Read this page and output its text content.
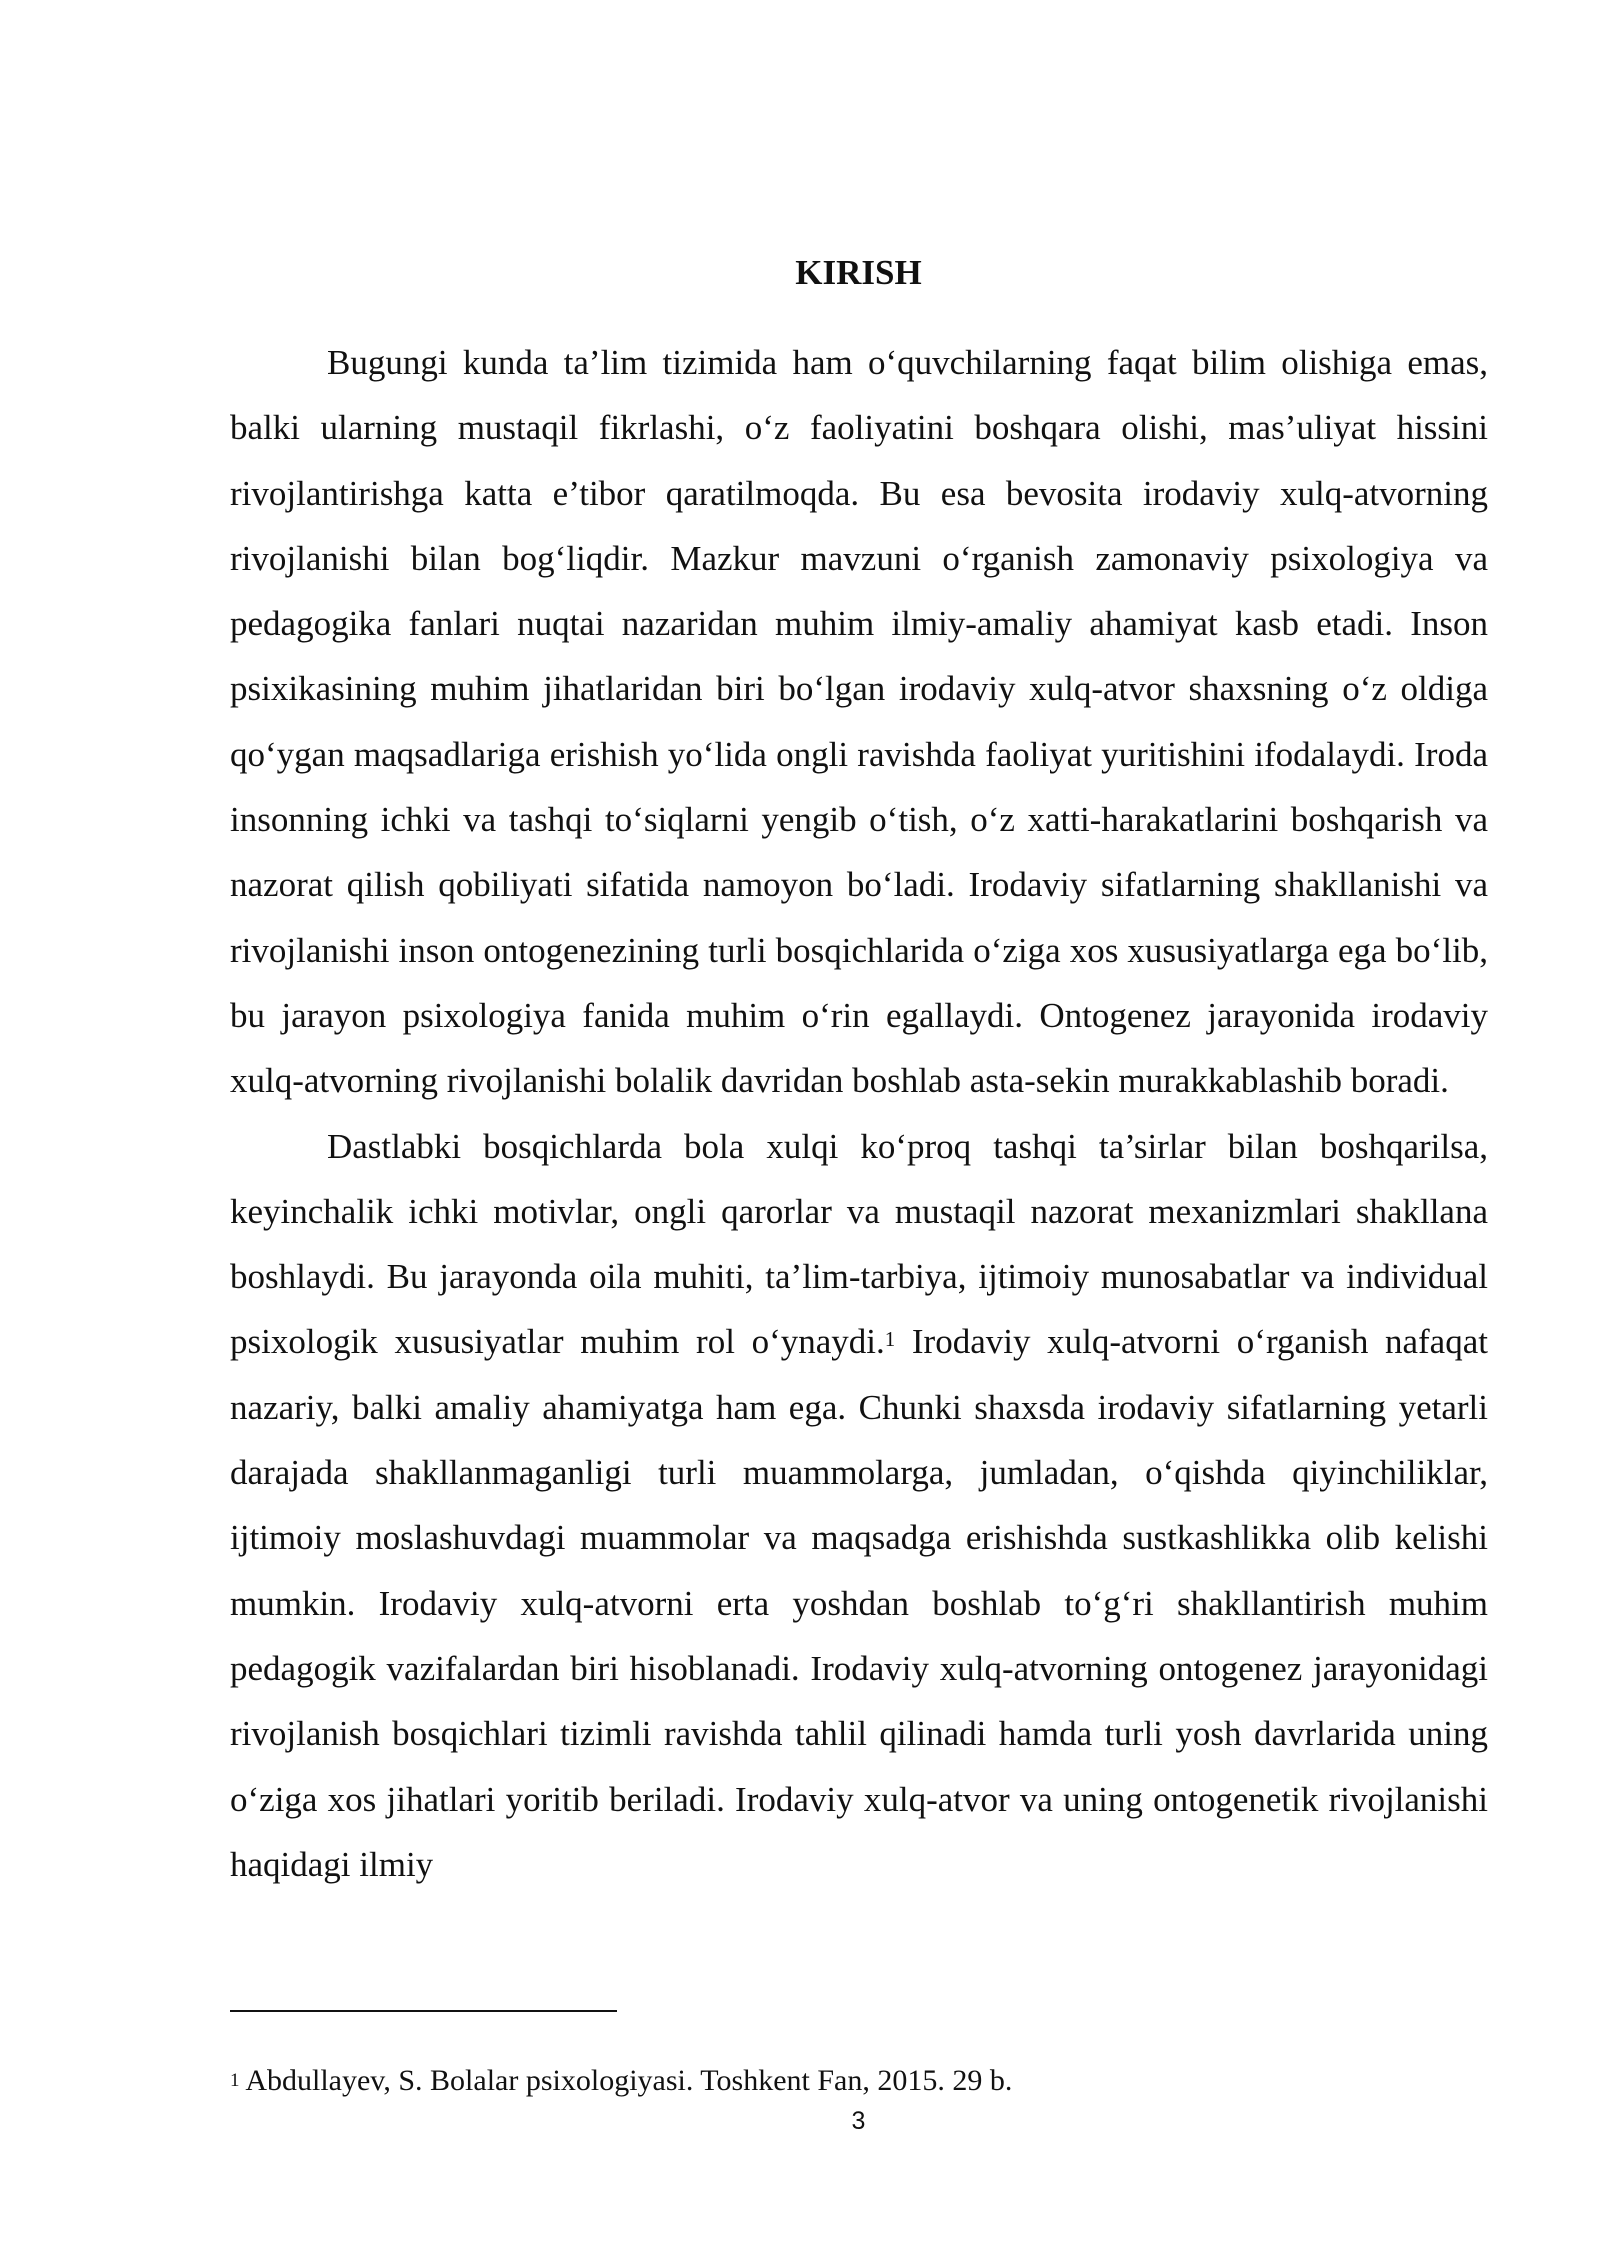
KIRISH

Bugungi kunda ta’lim tizimida ham o‘quvchilarning faqat bilim olishiga emas, balki ularning mustaqil fikrlashi, o‘z faoliyatini boshqara olishi, mas’uliyat hissini rivojlantirishga katta e’tibor qaratilmoqda. Bu esa bevosita irodaviy xulq-atvorning rivojlanishi bilan bog‘liqdir. Mazkur mavzuni o‘rganish zamonaviy psixologiya va pedagogika fanlari nuqtai nazaridan muhim ilmiy-amaliy ahamiyat kasb etadi. Inson psixikasining muhim jihatlaridan biri bo‘lgan irodaviy xulq-atvor shaxsning o‘z oldiga qo‘ygan maqsadlariga erishish yo‘lida ongli ravishda faoliyat yuritishini ifodalaydi. Iroda insonning ichki va tashqi to‘siqlarni yengib o‘tish, o‘z xatti-harakatlarini boshqarish va nazorat qilish qobiliyati sifatida namoyon bo‘ladi. Irodaviy sifatlarning shakllanishi va rivojlanishi inson ontogenezining turli bosqichlarida o‘ziga xos xususiyatlarga ega bo‘lib, bu jarayon psixologiya fanida muhim o‘rin egallaydi. Ontogenez jarayonida irodaviy xulq-atvorning rivojlanishi bolalik davridan boshlab asta-sekin murakkablashib boradi.

Dastlabki bosqichlarda bola xulqi ko‘proq tashqi ta’sirlar bilan boshqarilsa, keyinchalik ichki motivlar, ongli qarorlar va mustaqil nazorat mexanizmlari shakllana boshlaydi. Bu jarayonda oila muhiti, ta’lim-tarbiya, ijtimoiy munosabatlar va individual psixologik xususiyatlar muhim rol o‘ynaydi.$^1$ Irodaviy xulq-atvorni o‘rganish nafaqat nazariy, balki amaliy ahamiyatga ham ega. Chunki shaxsda irodaviy sifatlarning yetarli darajada shakllanmaganligi turli muammolarga, jumladan, o‘qishda qiyinchiliklar, ijtimoiy moslashuvdagi muammolar va maqsadga erishishda sustkashlikka olib kelishi mumkin. Irodaviy xulq-atvorni erta yoshdan boshlab to‘g‘ri shakllantirish muhim pedagogik vazifalardan biri hisoblanadi. Irodaviy xulq-atvorning ontogenez jarayonidagi rivojlanish bosqichlari tizimli ravishda tahlil qilinadi hamda turli yosh davrlarida uning o‘ziga xos jihatlari yoritib beriladi. Irodaviy xulq-atvor va uning ontogenetik rivojlanishi haqidagi ilmiy

$^1$ Abdullayev, S. Bolalar psixologiyasi. Toshkent Fan, 2015. 29 b.

3
